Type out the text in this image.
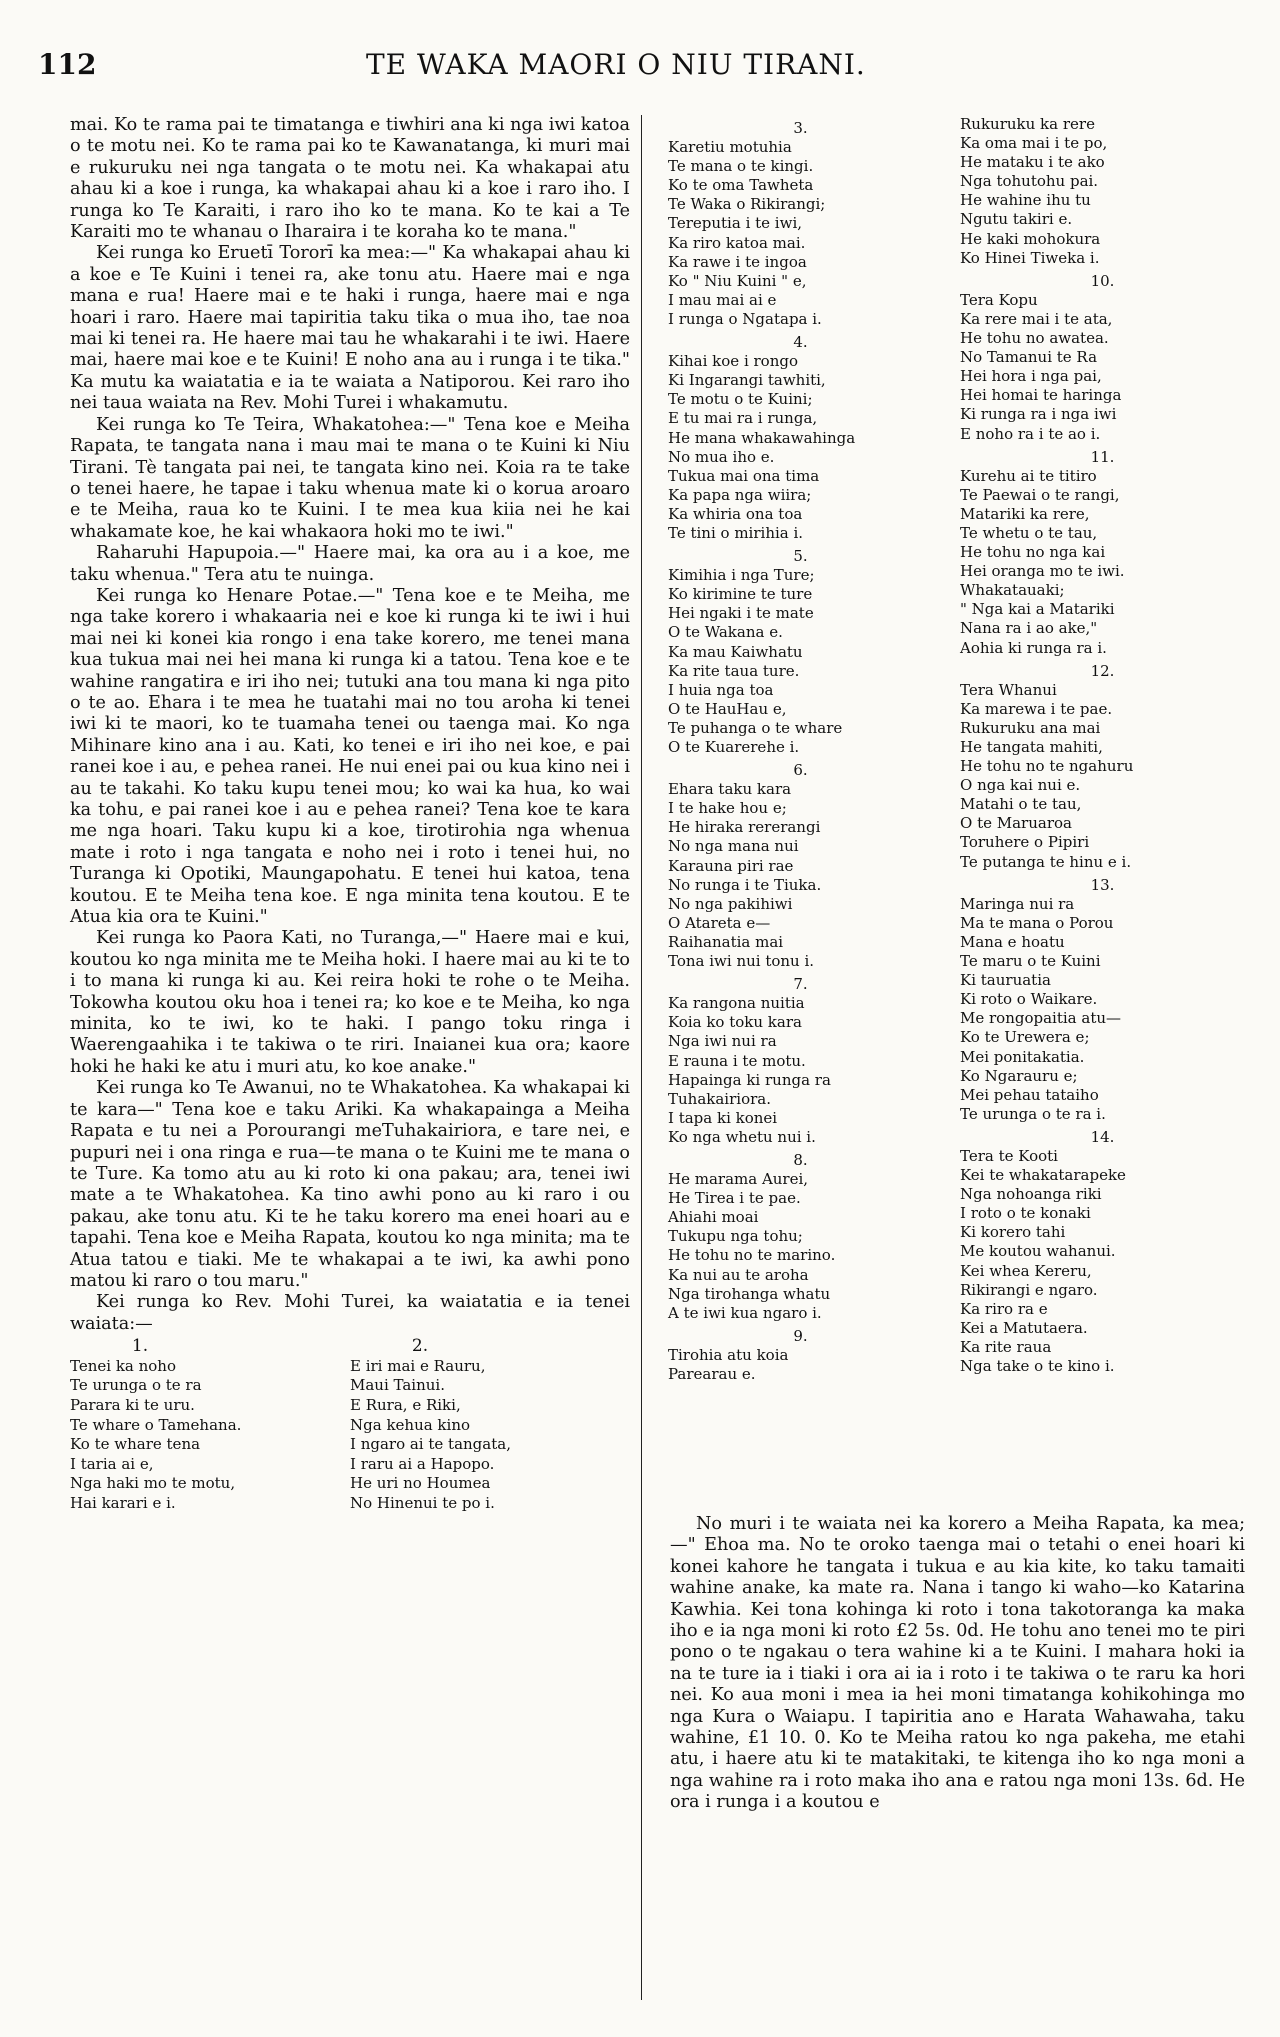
112	TE WAKA MAORI O NIU TIRANI.

mai. Ko te rama pai te timatanga e tiwhiri ana ki nga iwi katoa o te motu nei. Ko te rama pai ko te Kawanatanga, ki muri mai e rukuruku nei nga tangata o te motu nei. Ka whakapai atu ahau ki a koe i runga, ka whakapai ahau ki a koe i raro iho. I runga ko Te Karaiti, i raro iho ko te mana. Ko te kai a Te Karaiti mo te whanau o Iharaira i te koraha ko te mana."

Kei runga ko Eruetī Tororī ka mea:—" Ka whakapai ahau ki a koe e Te Kuini i tenei ra, ake tonu atu. Haere mai e nga mana e rua! Haere mai e te haki i runga, haere mai e nga hoari i raro. Haere mai tapiritia taku tika o mua iho, tae noa mai ki tenei ra. He haere mai tau he whakarahi i te iwi. Haere mai, haere mai koe e te Kuini! E noho ana au i runga i te tika." Ka mutu ka waiatatia e ia te waiata a Natiporou. Kei raro iho nei taua waiata na Rev. Mohi Turei i whakamutu.

Kei runga ko Te Teira, Whakatohea:—" Tena koe e Meiha Rapata, te tangata nana i mau mai te mana o te Kuini ki Niu Tirani. Tè tangata pai nei, te tangata kino nei. Koia ra te take o tenei haere, he tapae i taku whenua mate ki o korua aroaro e te Meiha, raua ko te Kuini. I te mea kua kiia nei he kai whakamate koe, he kai whakaora hoki mo te iwi."

Raharuhi Hapupoia.—" Haere mai, ka ora au i a koe, me taku whenua." Tera atu te nuinga.

Kei runga ko Henare Potae.—" Tena koe e te Meiha, me nga take korero i whakaaria nei e koe ki runga ki te iwi i hui mai nei ki konei kia rongo i ena take korero, me tenei mana kua tukua mai nei hei mana ki runga ki a tatou. Tena koe e te wahine rangatira e iri iho nei; tutuki ana tou mana ki nga pito o te ao. Ehara i te mea he tuatahi mai no tou aroha ki tenei iwi ki te maori, ko te tuamaha tenei ou taenga mai. Ko nga Mihinare kino ana i au. Kati, ko tenei e iri iho nei koe, e pai ranei koe i au, e pehea ranei. He nui enei pai ou kua kino nei i au te takahi. Ko taku kupu tenei mou; ko wai ka hua, ko wai ka tohu, e pai ranei koe i au e pehea ranei? Tena koe te kara me nga hoari. Taku kupu ki a koe, tirotirohia nga whenua mate i roto i nga tangata e noho nei i roto i tenei hui, no Turanga ki Opotiki, Maungapohatu. E tenei hui katoa, tena koutou. E te Meiha tena koe. E nga minita tena koutou. E te Atua kia ora te Kuini."

Kei runga ko Paora Kati, no Turanga,—" Haere mai e kui, koutou ko nga minita me te Meiha hoki. I haere mai au ki te to i to mana ki runga ki au. Kei reira hoki te rohe o te Meiha. Tokowha koutou oku hoa i tenei ra; ko koe e te Meiha, ko nga minita, ko te iwi, ko te haki. I pango toku ringa i Waerengaahika i te takiwa o te riri. Inaianei kua ora; kaore hoki he haki ke atu i muri atu, ko koe anake."

Kei runga ko Te Awanui, no te Whakatohea. Ka whakapai ki te kara—" Tena koe e taku Ariki. Ka whakapainga a Meiha Rapata e tu nei a Porourangi meTuhakairiora, e tare nei, e pupuri nei i ona ringa e rua—te mana o te Kuini me te mana o te Ture. Ka tomo atu au ki roto ki ona pakau; ara, tenei iwi mate a te Whakatohea. Ka tino awhi pono au ki raro i ou pakau, ake tonu atu. Ki te he taku korero ma enei hoari au e tapahi. Tena koe e Meiha Rapata, koutou ko nga minita; ma te Atua tatou e tiaki. Me te whakapai a te iwi, ka awhi pono matou ki raro o tou maru."

Kei runga ko Rev. Mohi Turei, ka waiatatia e ia tenei waiata:—

1.
Tenei ka noho
Te urunga o te ra
Parara ki te uru.
Te whare o Tamehana.
Ko te whare tena
I taria ai e,
Nga haki mo te motu,
Hai karari e i.
2.
E iri mai e Rauru,
Maui Tainui.
E Rura, e Riki,
Nga kehua kino
I ngaro ai te tangata,
I raru ai a Hapopo.
He uri no Houmea
No Hinenui te po i.
3.
Karetiu motuhia
Te mana o te kingi.
Ko te oma Tawheta
Te Waka o Rikirangi;
Tereputia i te iwi,
Ka riro katoa mai.
Ka rawe i te ingoa
Ko " Niu Kuini " e,
I mau mai ai e
I runga o Ngatapa i.
4.
Kihai koe i rongo
Ki Ingarangi tawhiti,
Te motu o te Kuini;
E tu mai ra i runga,
He mana whakawahinga
No mua iho e.
Tukua mai ona tima
Ka papa nga wiira;
Ka whiria ona toa
Te tini o mirihia i.
5.
Kimihia i nga Ture;
Ko kirimine te ture
Hei ngaki i te mate
O te Wakana e.
Ka mau Kaiwhatu
Ka rite taua ture.
I huia nga toa
O te HauHau e,
Te puhanga o te whare
O te Kuarerehe i.
6.
Ehara taku kara
I te hake hou e;
He hiraka rererangi
No nga mana nui
Karauna piri rae
No runga i te Tiuka.
No nga pakihiwi
O Atareta e—
Raihanatia mai
Tona iwi nui tonu i.
7.
Ka rangona nuitia
Koia ko toku kara
Nga iwi nui ra
E rauna i te motu.
Hapainga ki runga ra
Tuhakairiora.
I tapa ki konei
Ko nga whetu nui i.
8.
He marama Aurei,
He Tirea i te pae.
Ahiahi moai
Tukupu nga tohu;
He tohu no te marino.
Ka nui au te aroha
Nga tirohanga whatu
A te iwi kua ngaro i.
9.
Tirohia atu koia
Parearau e.
Rukuruku ka rere
Ka oma mai i te po,
He mataku i te ako
Nga tohutohu pai.
He wahine ihu tu
Ngutu takiri e.
He kaki mohokura
Ko Hinei Tiweka i.
10.
Tera Kopu
Ka rere mai i te ata,
He tohu no awatea.
No Tamanui te Ra
Hei hora i nga pai,
Hei homai te haringa
Ki runga ra i nga iwi
E noho ra i te ao i.
11.
Kurehu ai te titiro
Te Paewai o te rangi,
Matariki ka rere,
Te whetu o te tau,
He tohu no nga kai
Hei oranga mo te iwi.
Whakatauaki;
" Nga kai a Matariki
Nana ra i ao ake,"
Aohia ki runga ra i.
12.
Tera Whanui
Ka marewa i te pae.
Rukuruku ana mai
He tangata mahiti,
He tohu no te ngahuru
O nga kai nui e.
Matahi o te tau,
O te Maruaroa
Toruhere o Pipiri
Te putanga te hinu e i.
13.
Maringa nui ra
Ma te mana o Porou
Mana e hoatu
Te maru o te Kuini
Ki tauruatia
Ki roto o Waikare.
Me rongopaitia atu—
Ko te Urewera e;
Mei ponitakatia.
Ko Ngarauru e;
Mei pehau tataiho
Te urunga o te ra i.
14.
Tera te Kooti
Kei te whakatarapeke
Nga nohoanga riki
I roto o te konaki
Ki korero tahi
Me koutou wahanui.
Kei whea Kereru,
Rikirangi e ngaro.
Ka riro ra e
Kei a Matutaera.
Ka rite raua
Nga take o te kino i.

No muri i te waiata nei ka korero a Meiha Rapata, ka mea;—" Ehoa ma. No te oroko taenga mai o tetahi o enei hoari ki konei kahore he tangata i tukua e au kia kite, ko taku tamaiti wahine anake, ka mate ra. Nana i tango ki waho—ko Katarina Kawhia. Kei tona kohinga ki roto i tona takotoranga ka maka iho e ia nga moni ki roto £2 5s. 0d. He tohu ano tenei mo te piri pono o te ngakau o tera wahine ki a te Kuini. I mahara hoki ia na te ture ia i tiaki i ora ai ia i roto i te takiwa o te raru ka hori nei. Ko aua moni i mea ia hei moni timatanga kohikohinga mo nga Kura o Waiapu. I tapiritia ano e Harata Wahawaha, taku wahine, £1 10. 0. Ko te Meiha ratou ko nga pakeha, me etahi atu, i haere atu ki te matakitaki, te kitenga iho ko nga moni a nga wahine ra i roto maka iho ana e ratou nga moni 13s. 6d. He ora i runga i a koutou e
